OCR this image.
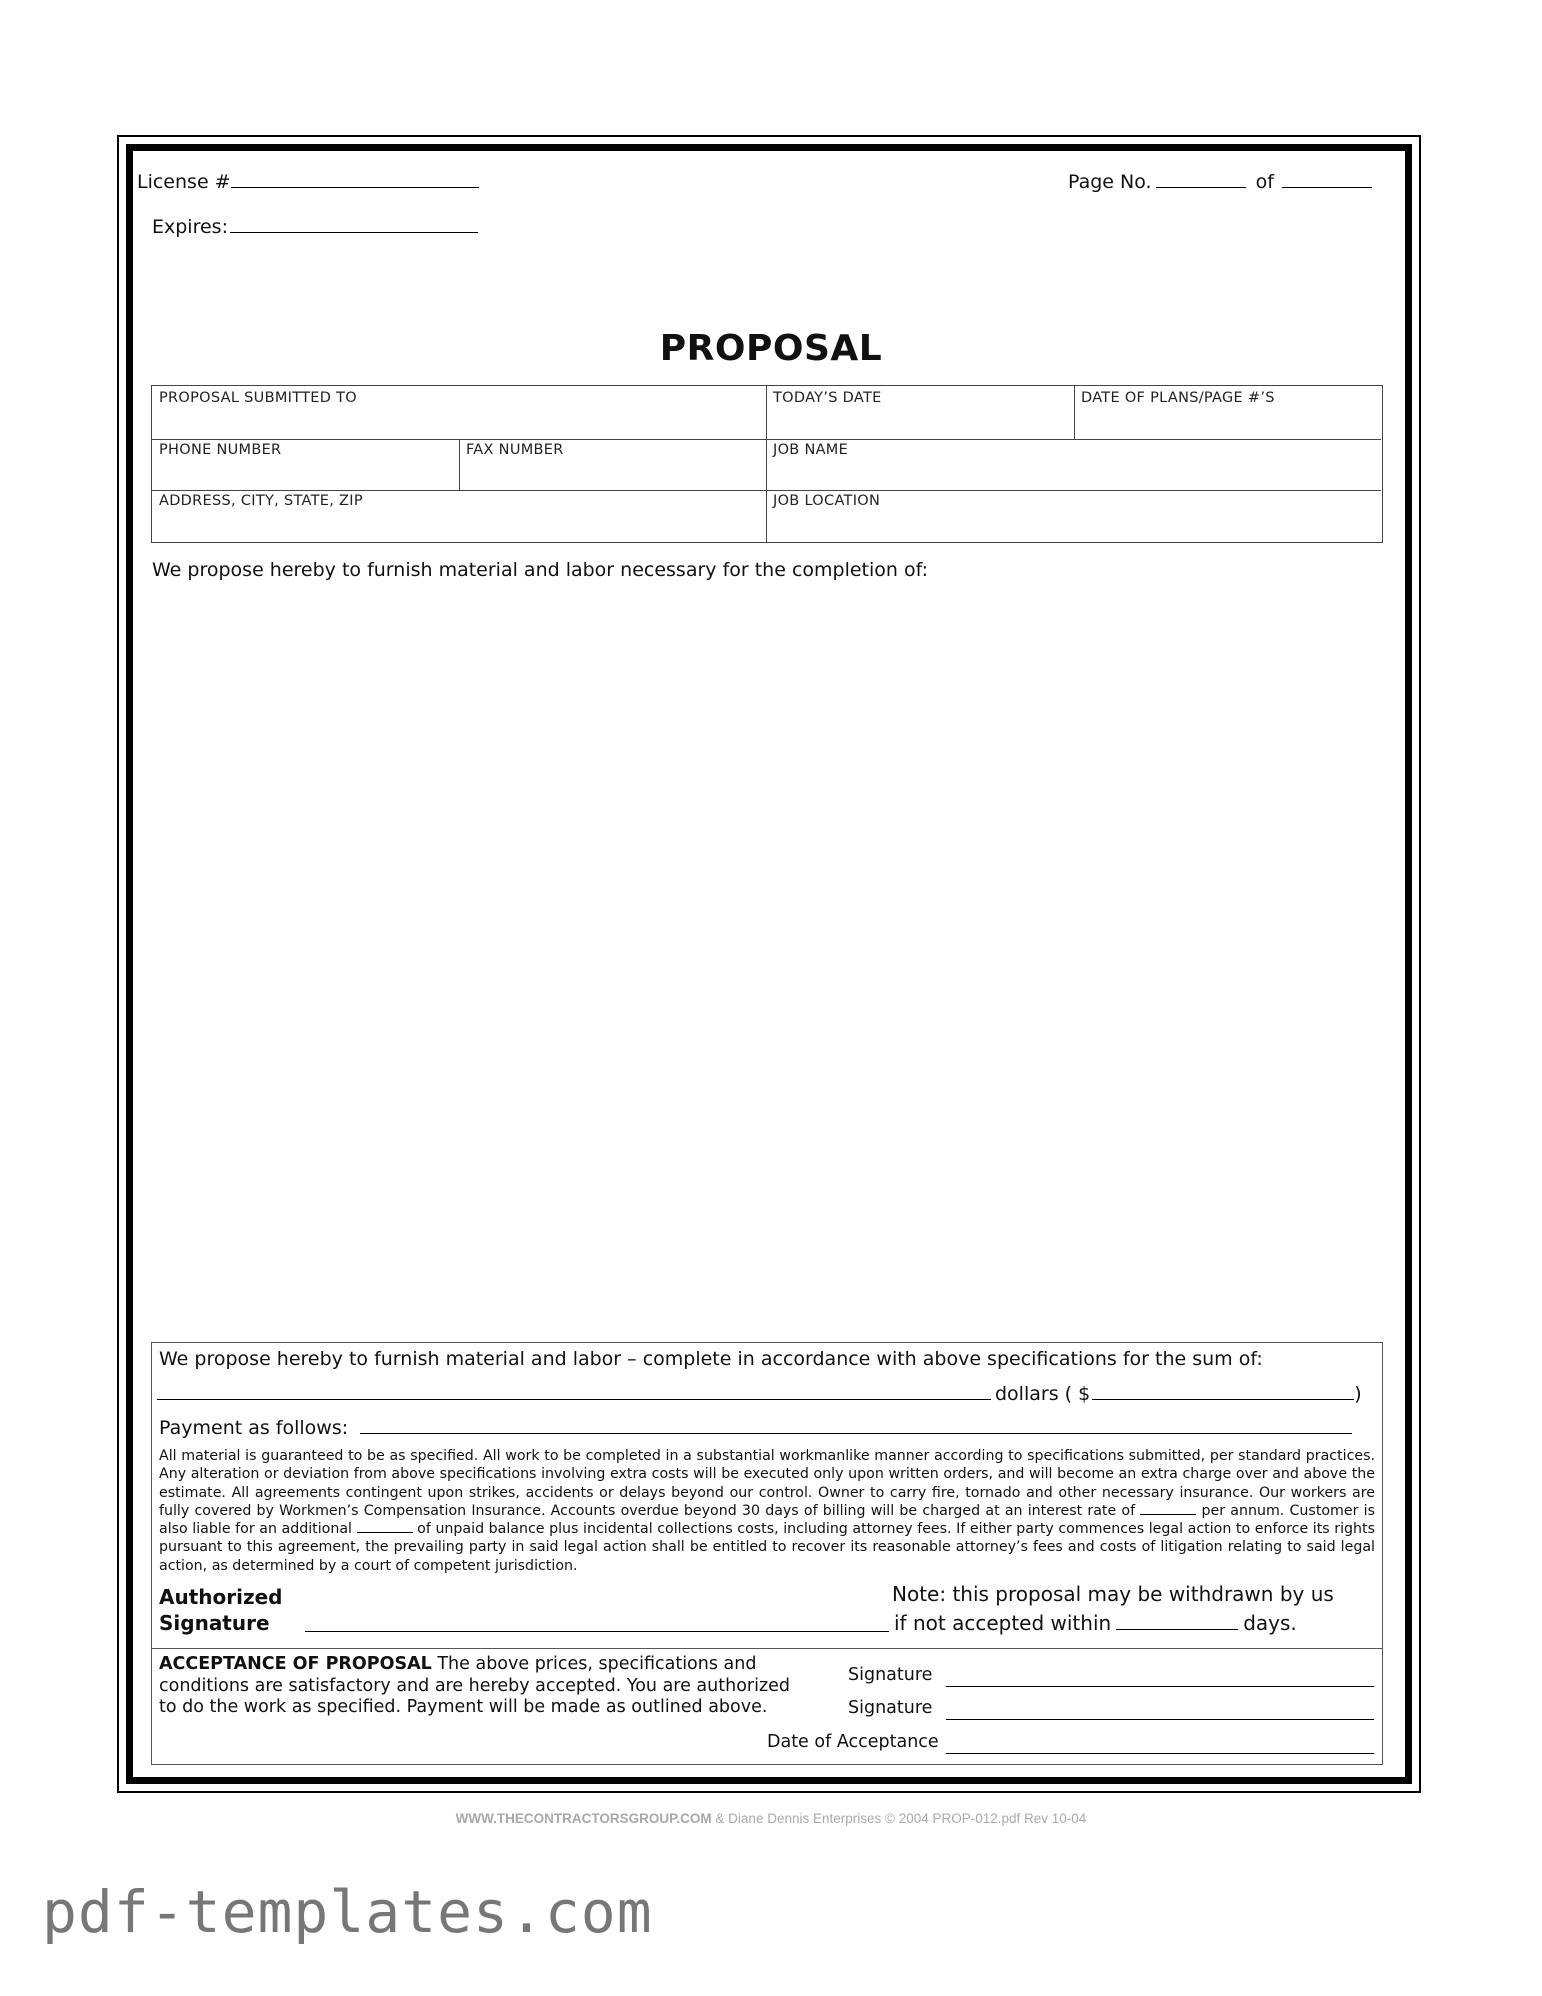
License #
Expires:
Page No.	of
PROPOSAL
PROPOSAL SUBMITTED TO	TODAY’S DATE	DATE OF PLANS/PAGE #’S
PHONE NUMBER	FAX NUMBER	JOB NAME
ADDRESS, CITY, STATE, ZIP	JOB LOCATION
We propose hereby to furnish material and labor necessary for the completion of:
We propose hereby to furnish material and labor – complete in accordance with above specifications for the sum of:
dollars ( $	)
Payment as follows:
All material is guaranteed to be as specified. All work to be completed in a substantial workmanlike manner according to specifications submitted, per standard practices. Any alteration or deviation from above specifications involving extra costs will be executed only upon written orders, and will become an extra charge over and above the estimate. All agreements contingent upon strikes, accidents or delays beyond our control. Owner to carry fire, tornado and other necessary insurance. Our workers are fully covered by Workmen’s Compensation Insurance. Accounts overdue beyond 30 days of billing will be charged at an interest rate of	per annum. Customer is also liable for an additional	of unpaid balance plus incidental collections costs, including attorney fees. If either party commences legal action to enforce its rights pursuant to this agreement, the prevailing party in said legal action shall be entitled to recover its reasonable attorney’s fees and costs of litigation relating to said legal action, as determined by a court of competent jurisdiction.
Authorized
Signature
Note: this proposal may be withdrawn by us
if not accepted within	days.
ACCEPTANCE OF PROPOSAL The above prices, specifications and
conditions are satisfactory and are hereby accepted. You are authorized
to do the work as specified. Payment will be made as outlined above.
Signature
Signature
Date of Acceptance
WWW.THECONTRACTORSGROUP.COM & Diane Dennis Enterprises © 2004 PROP-012.pdf Rev 10-04
pdf-templates.com
